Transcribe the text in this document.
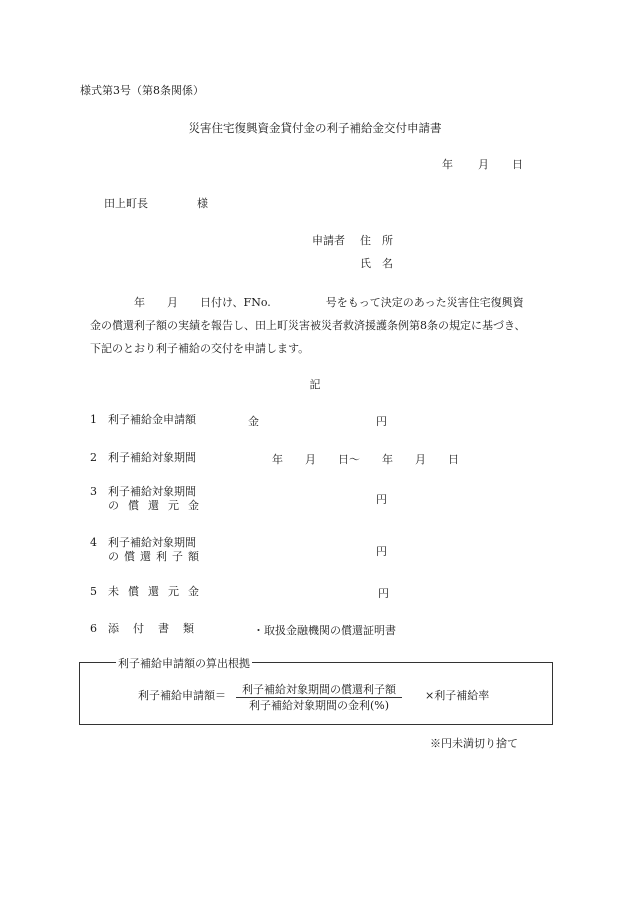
様式第3号（第8条関係）
災害住宅復興資金貸付金の利子補給金交付申請書
年 月 日
田上町長	様
申請者 住　所
氏　名
　　　　年　　月　　日付け、FNo.　　　　　号をもって決定のあった災害住宅復興資
金の償還利子額の実績を報告し、田上町災害被災者救済援護条例第8条の規定に基づき、
下記のとおり利子補給の交付を申請します。
記
1 利子補給金申請額	金	円
2 利子補給対象期間	年　　月　　日～　　年　　月　　日
3 利子補給対象期間
の償還元金	円
4 利子補給対象期間
の償還利子額	円
5 未償還元金	円
6 添付書類	・取扱金融機関の償還証明書
利子補給申請額の算出根拠
利子補給申請額＝	利子補給対象期間の償還利子額
利子補給対象期間の金利(%)
×利子補給率
※円未満切り捨て
